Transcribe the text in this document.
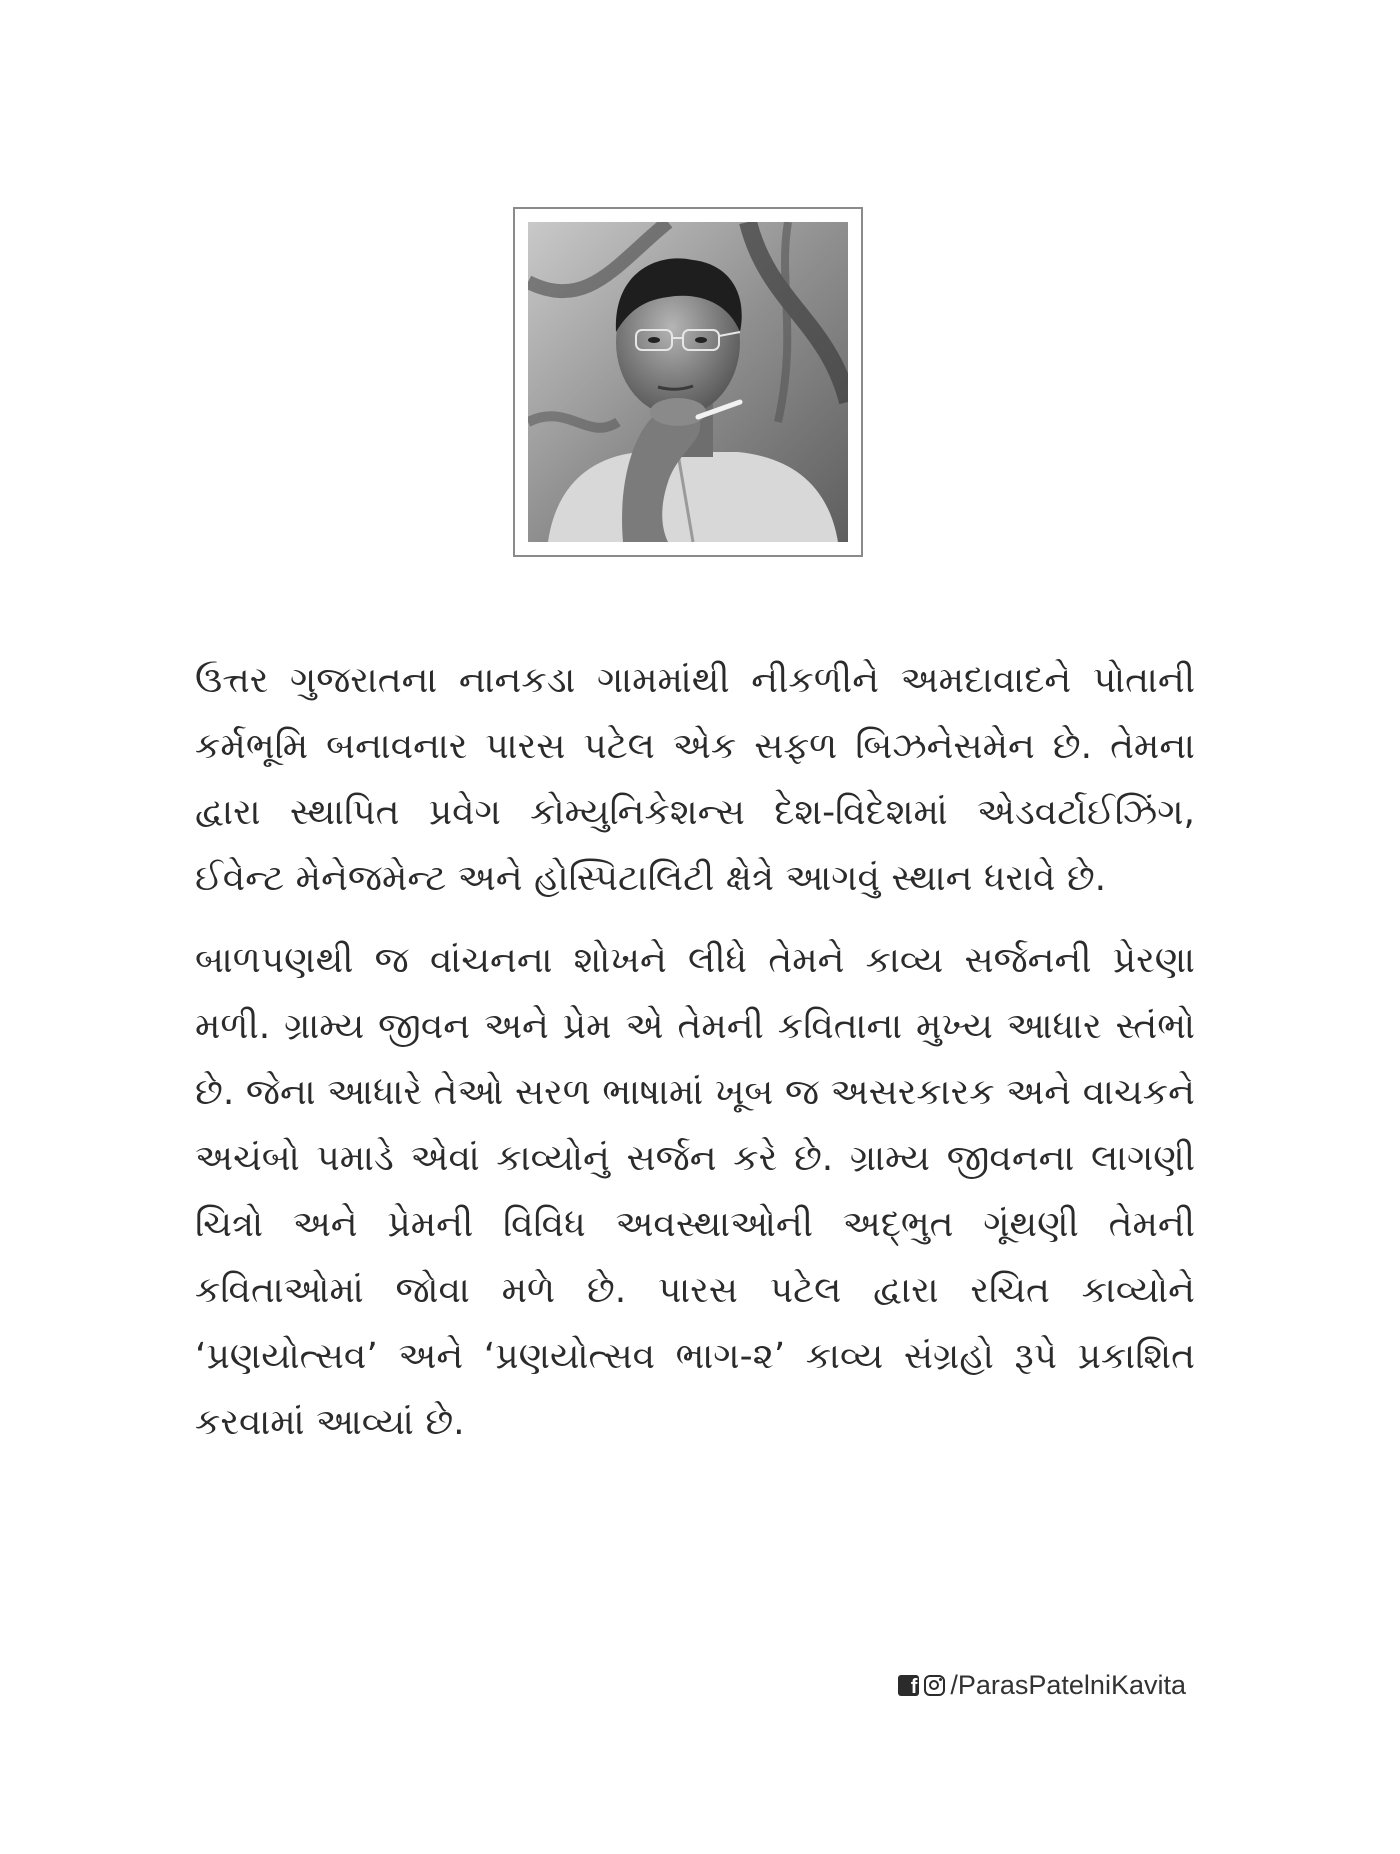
ઉત્તર ગુજરાતના નાનકડા ગામમાંથી નીકળીને અમદાવાદને પોતાની કર્મભૂમિ બનાવનાર પારસ પટેલ એક સફળ બિઝનેસમેન છે. તેમના દ્વારા સ્થાપિત પ્રવેગ કોમ્યુનિકેશન્સ દેશ-વિદેશમાં એડવર્ટાઈઝિંગ, ઈવેન્ટ મેનેજમેન્ટ અને હોસ્પિટાલિટી ક્ષેત્રે આગવું સ્થાન ધરાવે છે.

બાળપણથી જ વાંચનના શોખને લીધે તેમને કાવ્ય સર્જનની પ્રેરણા મળી. ગ્રામ્ય જીવન અને પ્રેમ એ તેમની કવિતાના મુખ્ય આધાર સ્તંભો છે. જેના આધારે તેઓ સરળ ભાષામાં ખૂબ જ અસરકારક અને વાચકને અચંબો પમાડે એવાં કાવ્યોનું સર્જન કરે છે. ગ્રામ્ય જીવનના લાગણી ચિત્રો અને પ્રેમની વિવિધ અવસ્થાઓની અદ્ભુત ગૂંથણી તેમની કવિતાઓમાં જોવા મળે છે. પારસ પટેલ દ્વારા રચિત કાવ્યોને ‘પ્રણયોત્સવ’ અને ‘પ્રણયોત્સવ ભાગ-૨’ કાવ્ય સંગ્રહો રૂપે પ્રકાશિત કરવામાં આવ્યાં છે.

f /ParasPatelniKavita
